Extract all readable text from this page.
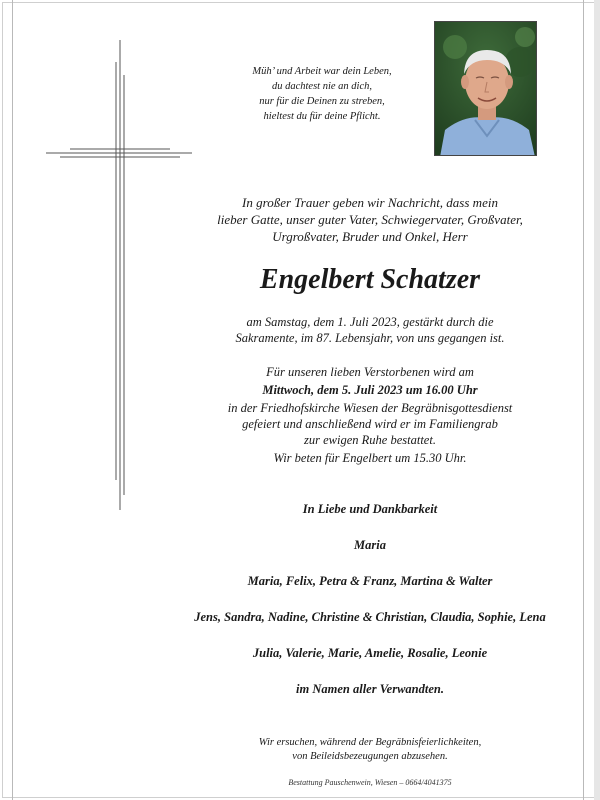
Müh’ und Arbeit war dein Leben,
du dachtest nie an dich,
nur für die Deinen zu streben,
hieltest du für deine Pflicht.
In großer Trauer geben wir Nachricht, dass mein
lieber Gatte, unser guter Vater, Schwiegervater, Großvater,
Urgroßvater, Bruder und Onkel, Herr
Engelbert Schatzer
am Samstag, dem 1. Juli 2023, gestärkt durch die
Sakramente, im 87. Lebensjahr, von uns gegangen ist.
Für unseren lieben Verstorbenen wird am
Mittwoch, dem 5. Juli 2023 um 16.00 Uhr
in der Friedhofskirche Wiesen der Begräbnisgottesdienst
gefeiert und anschließend wird er im Familiengrab
zur ewigen Ruhe bestattet.
Wir beten für Engelbert um 15.30 Uhr.
In Liebe und Dankbarkeit
Maria
Maria, Felix, Petra & Franz, Martina & Walter
Jens, Sandra, Nadine, Christine & Christian, Claudia, Sophie, Lena
Julia, Valerie, Marie, Amelie, Rosalie, Leonie
im Namen aller Verwandten.
Wir ersuchen, während der Begräbnisfeierlichkeiten,
von Beileidsbezeugungen abzusehen.
Bestattung Pauschenwein, Wiesen – 0664/4041375
